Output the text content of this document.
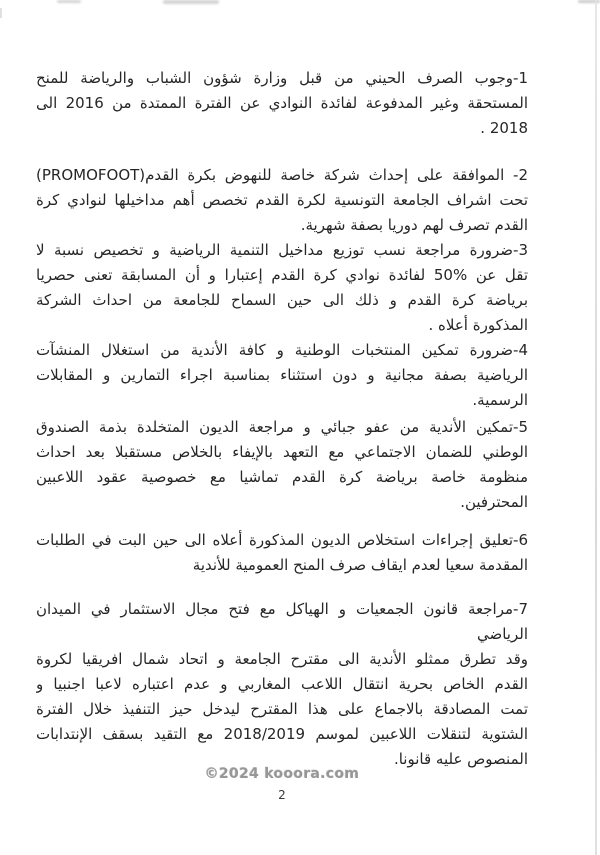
1-وجوب الصرف الحيني من قبل وزارة شؤون الشباب والرياضة للمنح
المستحقة وغير المدفوعة لفائدة النوادي عن الفترة الممتدة من 2016 الى
2018 .
2- الموافقة على إحداث شركة خاصة للنهوض بكرة القدم(PROMOFOOT)
تحت اشراف الجامعة التونسية لكرة القدم تخصص أهم مداخيلها لنوادي كرة
القدم تصرف لهم دوريا بصفة شهرية.
3-ضرورة مراجعة نسب توزيع مداخيل التنمية الرياضية و تخصيص نسبة لا
تقل عن %50 لفائدة نوادي كرة القدم إعتبارا و أن المسابقة تعنى حصريا
برياضة كرة القدم و ذلك الى حين السماح للجامعة من احداث الشركة
المذكورة أعلاه .
4-ضرورة تمكين المنتخبات الوطنية و كافة الأندية من استغلال المنشآت
الرياضية بصفة مجانية و دون استثناء بمناسبة اجراء التمارين و المقابلات
الرسمية.
5-تمكين الأندية من عفو جبائي و مراجعة الديون المتخلدة بذمة الصندوق
الوطني للضمان الاجتماعي مع التعهد بالإيفاء بالخلاص مستقبلا بعد احداث
منظومة خاصة برياضة كرة القدم تماشيا مع خصوصية عقود اللاعبين
المحترفين.
6-تعليق إجراءات استخلاص الديون المذكورة أعلاه الى حين البت في الطلبات
المقدمة سعيا لعدم ايقاف صرف المنح العمومية للأندية
7-مراجعة قانون الجمعيات و الهياكل مع فتح مجال الاستثمار في الميدان
الرياضي
وقد تطرق ممثلو الأندية الى مقترح الجامعة و اتحاد شمال افريقيا لكروة
القدم الخاص بحرية انتقال اللاعب المغاربي و عدم اعتباره لاعبا اجنبيا و
تمت المصادقة بالاجماع على هذا المقترح ليدخل حيز التنفيذ خلال الفترة
الشتوية لتنقلات اللاعبين لموسم 2018/2019 مع التقيد بسقف الإنتدابات
المنصوص عليه قانونا.
©2024 kooora.com
2
